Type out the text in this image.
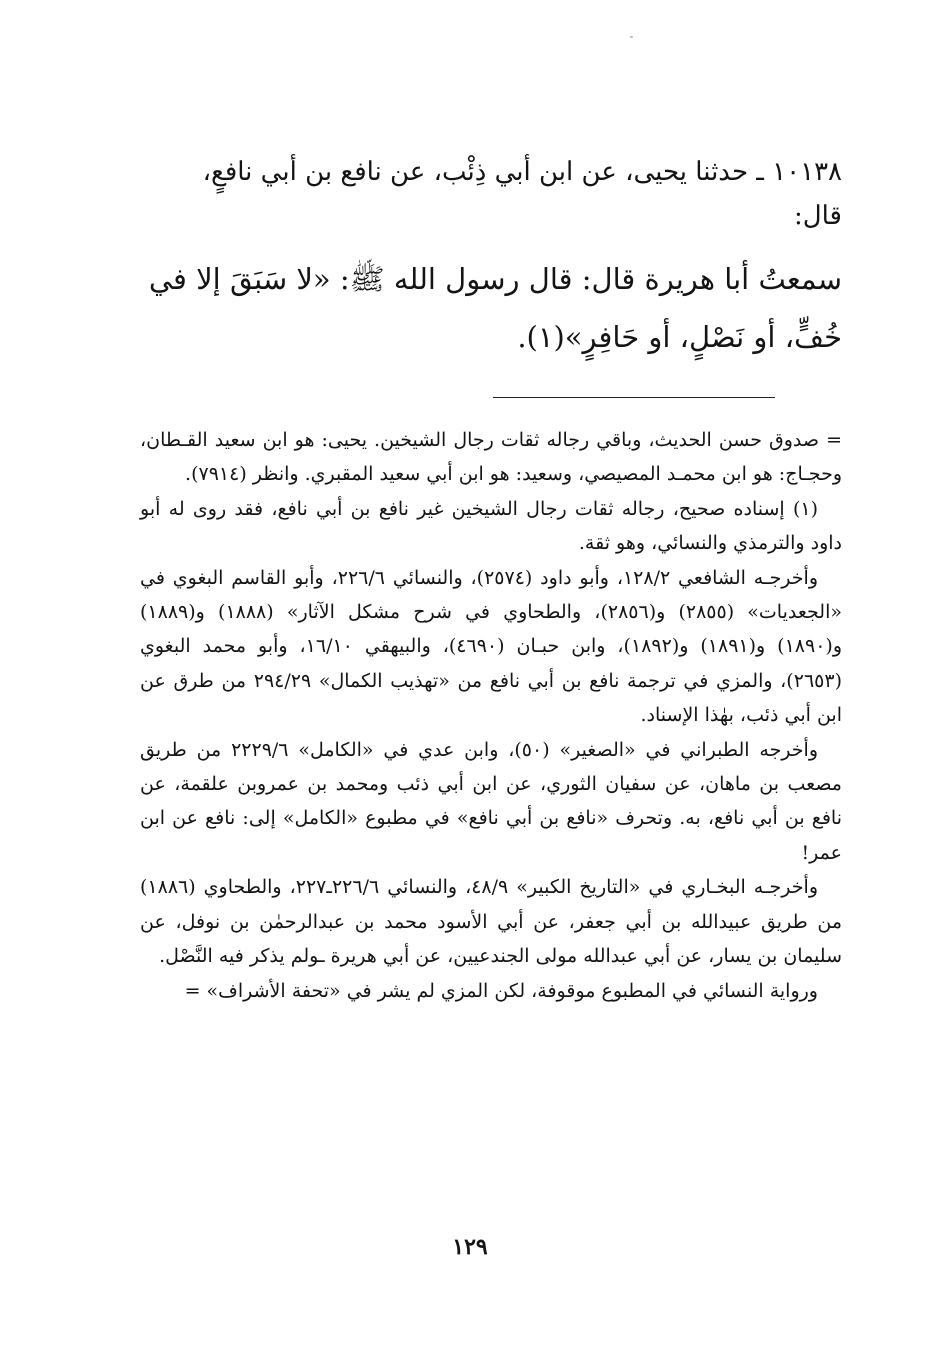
١٠١٣٨ ـ حدثنا يحيى، عن ابن أبي ذِئْب، عن نافع بن أبي نافعٍ،

قال:

سمعتُ أبا هريرة قال: قال رسول الله ﷺ: «لا سَبَقَ إلا في
خُفٍّ، أو نَصْلٍ، أو حَافِرٍ»(١).

= صدوق حسن الحديث، وباقي رجاله ثقات رجال الشيخين. يحيى: هو ابن سعيد القـطان، وحجـاج: هو ابن محمـد المصيصي، وسعيد: هو ابن أبي سعيد المقبري. وانظر (٧٩١٤).

(١) إسناده صحيح، رجاله ثقات رجال الشيخين غير نافع بن أبي نافع، فقد روى له أبو داود والترمذي والنسائي، وهو ثقة.

وأخرجـه الشافعي ١٢٨/٢، وأبو داود (٢٥٧٤)، والنسائي ٢٢٦/٦، وأبو القاسم البغوي في «الجعديات» (٢٨٥٥) و(٢٨٥٦)، والطحاوي في شرح مشكل الآثار» (١٨٨٨) و(١٨٨٩) و(١٨٩٠) و(١٨٩١) و(١٨٩٢)، وابن حبـان (٤٦٩٠)، والبيهقي ١٦/١٠، وأبو محمد البغوي (٢٦٥٣)، والمزي في ترجمة نافع بن أبي نافع من «تهذيب الكمال» ٢٩٤/٢٩ من طرق عن ابن أبي ذئب، بهٰذا الإسناد.

وأخرجه الطبراني في «الصغير» (٥٠)، وابن عدي في «الكامل» ٢٢٢٩/٦ من طريق مصعب بن ماهان، عن سفيان الثوري، عن ابن أبي ذئب ومحمد بن عمروبن علقمة، عن نافع بن أبي نافع، به. وتحرف «نافع بن أبي نافع» في مطبوع «الكامل» إلى: نافع عن ابن عمر!

وأخرجـه البخـاري في «التاريخ الكبير» ٤٨/٩، والنسائي ٢٢٦/٦ـ٢٢٧، والطحاوي (١٨٨٦) من طريق عبيدالله بن أبي جعفر، عن أبي الأسود محمد بن عبدالرحمٰن بن نوفل، عن سليمان بن يسار، عن أبي عبدالله مولى الجندعيين، عن أبي هريرة ـولم يذكر فيه النَّصْل.

ورواية النسائي في المطبوع موقوفة، لكن المزي لم يشر في «تحفة الأشراف» =

١٢٩
